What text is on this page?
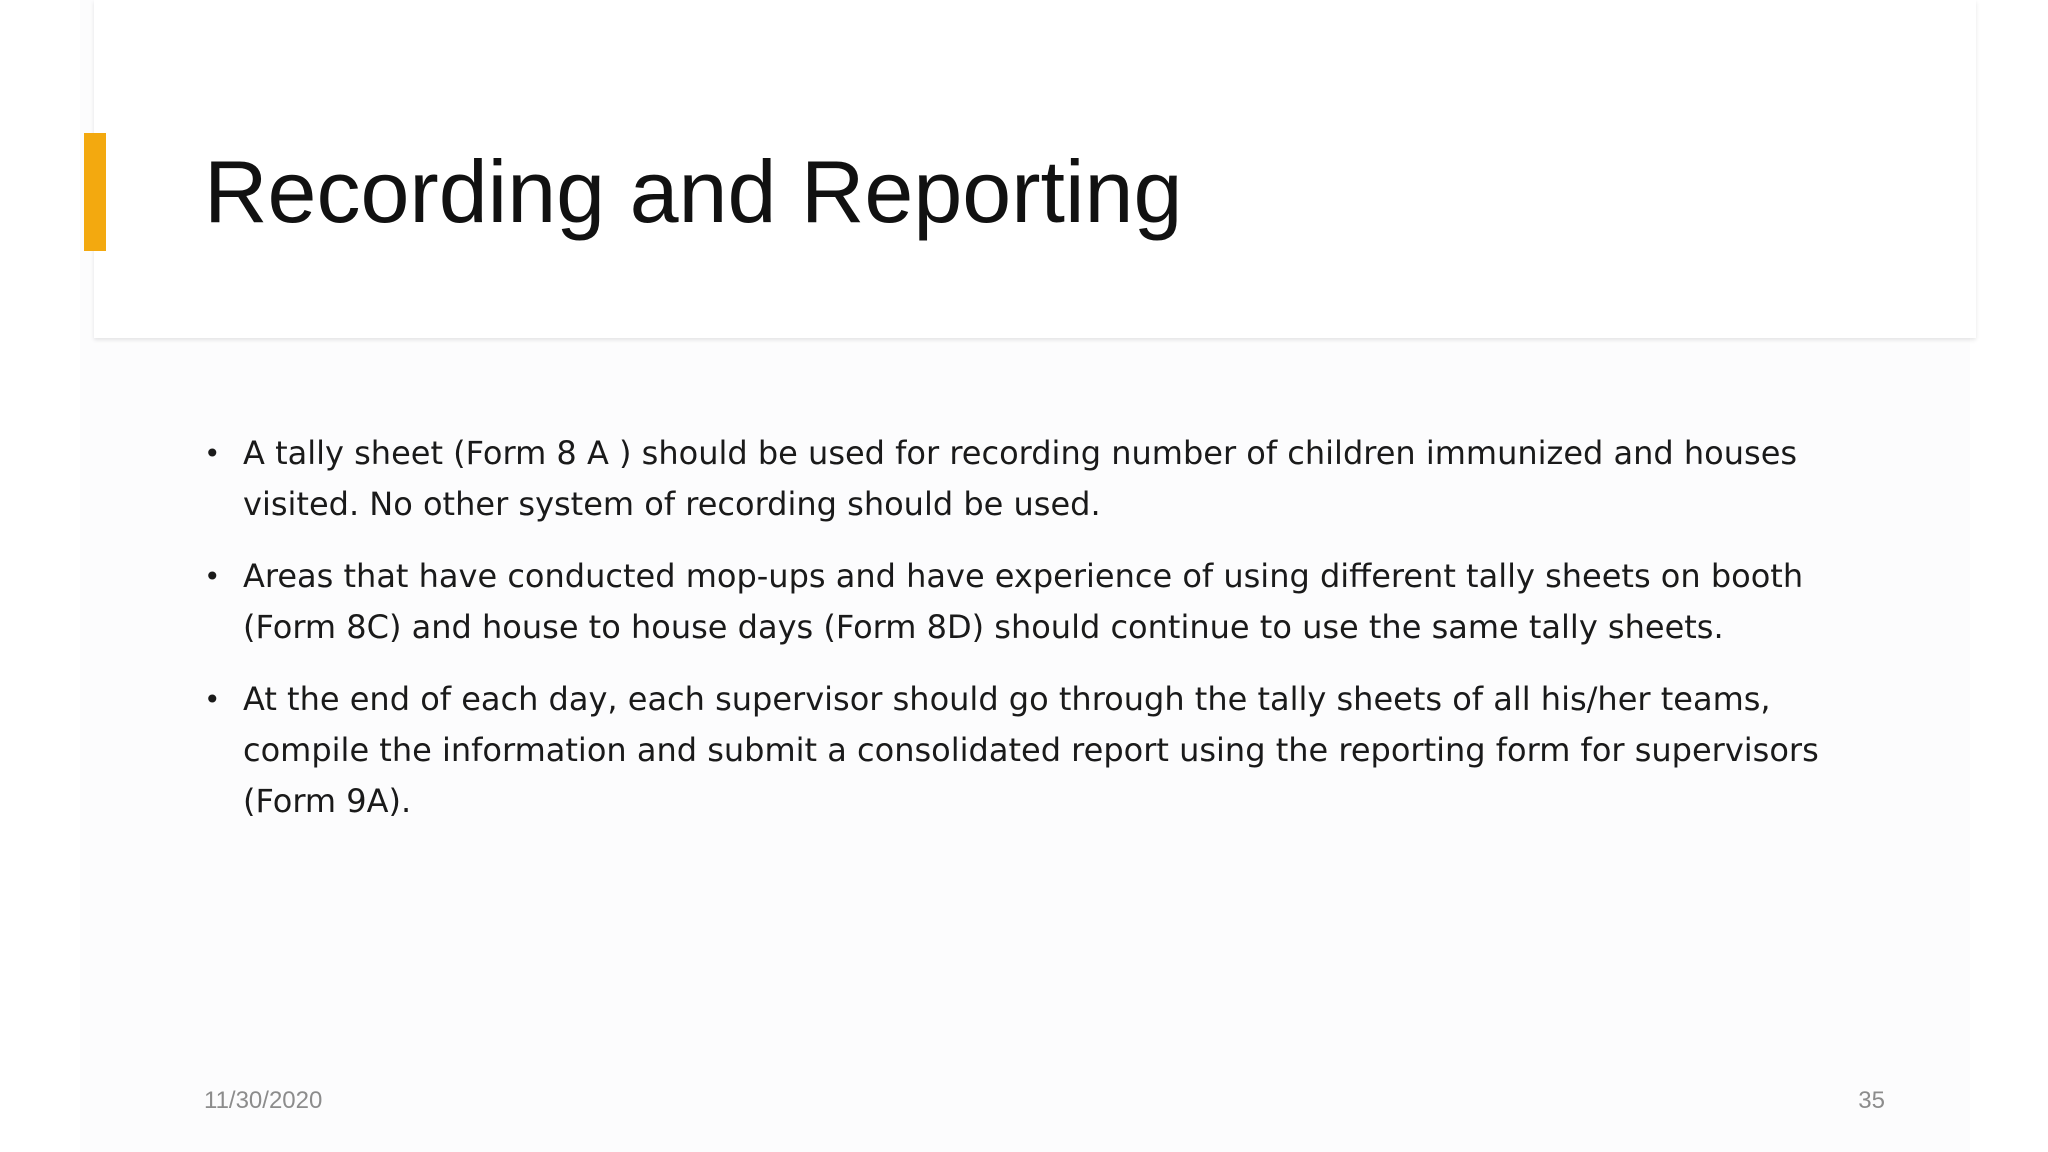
Recording and Reporting
• A tally sheet (Form 8 A ) should be used for recording number of children immunized and houses visited. No other system of recording should be used.
• Areas that have conducted mop-ups and have experience of using different tally sheets on booth (Form 8C) and house to house days (Form 8D) should continue to use the same tally sheets.
• At the end of each day, each supervisor should go through the tally sheets of all his/her teams, compile the information and submit a consolidated report using the reporting form for supervisors (Form 9A).
11/30/2020	35
